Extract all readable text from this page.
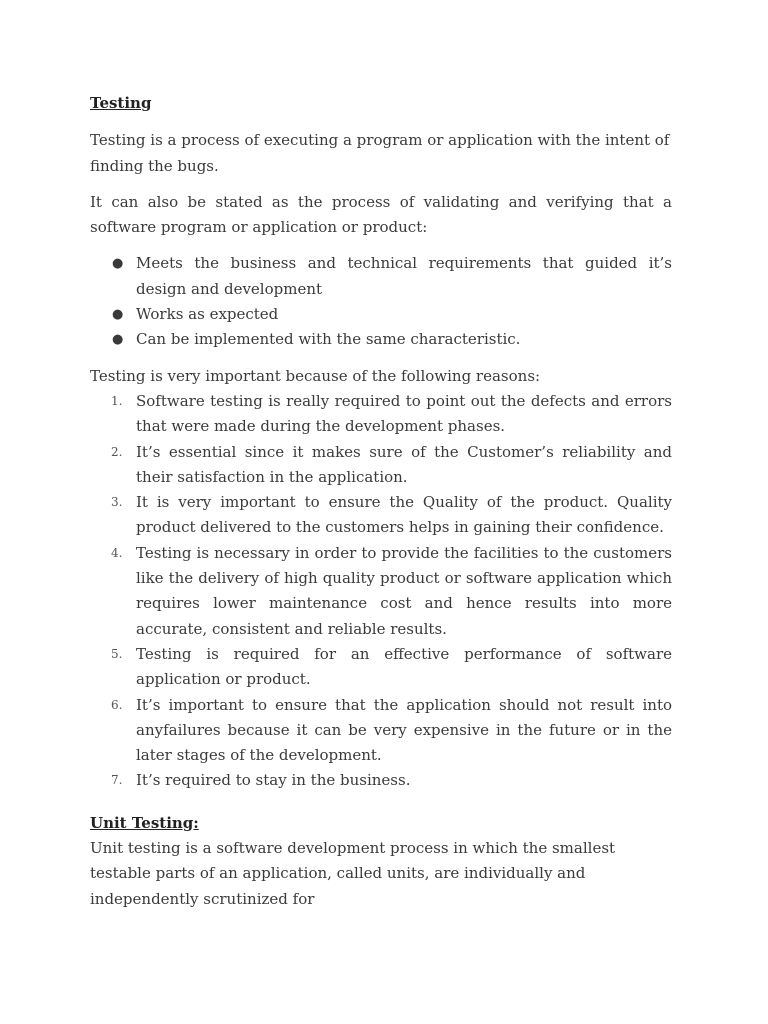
Testing

Testing is a process of executing a program or application with the intent of finding the bugs.

It can also be stated as the process of validating and verifying that a software program or application or product:

● Meets the business and technical requirements that guided it’s design and development
● Works as expected
● Can be implemented with the same characteristic.

Testing is very important because of the following reasons:

1. Software testing is really required to point out the defects and errors that were made during the development phases.
2. It’s essential since it makes sure of the Customer’s reliability and their satisfaction in the application.
3. It is very important to ensure the Quality of the product. Quality product delivered to the customers helps in gaining their confidence.
4. Testing is necessary in order to provide the facilities to the customers like the delivery of high quality product or software application which requires lower maintenance cost and hence results into more accurate, consistent and reliable results.
5. Testing is required for an effective performance of software application or product.
6. It’s important to ensure that the application should not result into anyfailures because it can be very expensive in the future or in the later stages of the development.
7. It’s required to stay in the business.

Unit Testing:

Unit testing is a software development process in which the smallest testable parts of an application, called units, are individually and independently scrutinized for
